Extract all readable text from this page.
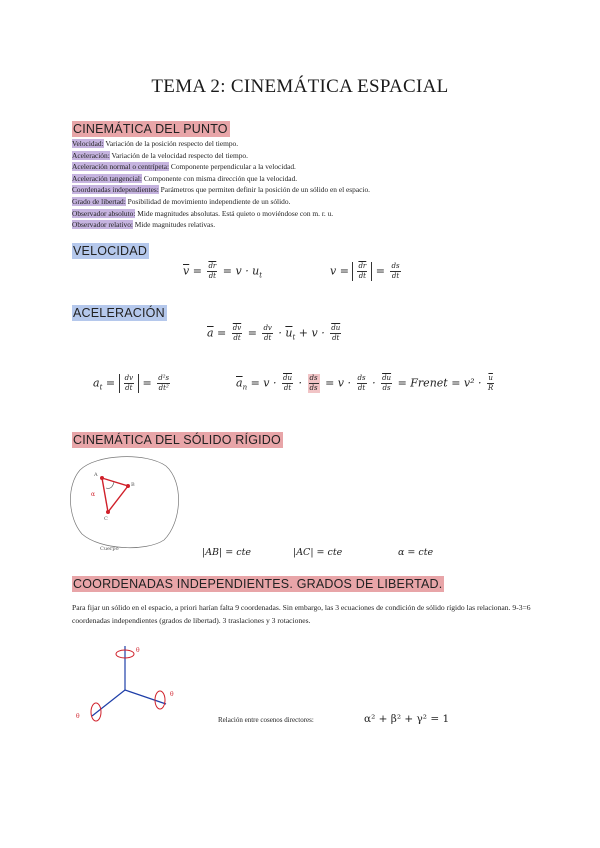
TEMA 2: CINEMÁTICA ESPACIAL
CINEMÁTICA DEL PUNTO
Velocidad: Variación de la posición respecto del tiempo.
Aceleración: Variación de la velocidad respecto del tiempo.
Aceleración normal o centrípeta: Componente perpendicular a la velocidad.
Aceleración tangencial: Componente con misma dirección que la velocidad.
Coordenadas independientes: Parámetros que permiten definir la posición de un sólido en el espacio.
Grado de libertad: Posibilidad de movimiento independiente de un sólido.
Observador absoluto: Mide magnitudes absolutas. Está quieto o moviéndose con m. r. u.
Observador relativo: Mide magnitudes relativas.
VELOCIDAD
$\overline{v} = \frac{\overline{dr}}{dt} = v \cdot u_t$	$v = \frac{\overline{dr}}{dt} = \frac{ds}{dt}$
ACELERACIÓN
$\overline{a} = \frac{\overline{dv}}{dt} = \frac{dv}{dt} \cdot \overline{u}_t + v \cdot \frac{\overline{du}}{dt}$
$a_t = \frac{dv}{dt} = \frac{\text{d²s}}{\text{dt²}}$	$\overline{a}_n = v \cdot \frac{\overline{du}}{dt} \cdot \frac{ds}{ds} = v \cdot \frac{ds}{dt} \cdot \frac{\overline{du}}{ds}$ = Frenet = $v^2 \cdot \frac{\overline{u}}{R}$
CINEMÁTICA DEL SÓLIDO RÍGIDO
A
B
C
α
Cuerpo	|AB| = cte	|AC| = cte	α = cte
COORDENADAS INDEPENDIENTES. GRADOS DE LIBERTAD.
Para fijar un sólido en el espacio, a priori harían falta 9 coordenadas. Sin embargo, las 3 ecuaciones de condición de sólido rígido las relacionan. 9-3=6 coordenadas independientes (grados de libertad). 3 traslaciones y 3 rotaciones.
θ
θ
θ
Relación entre cosenos directores:	α² + β² + γ² = 1
